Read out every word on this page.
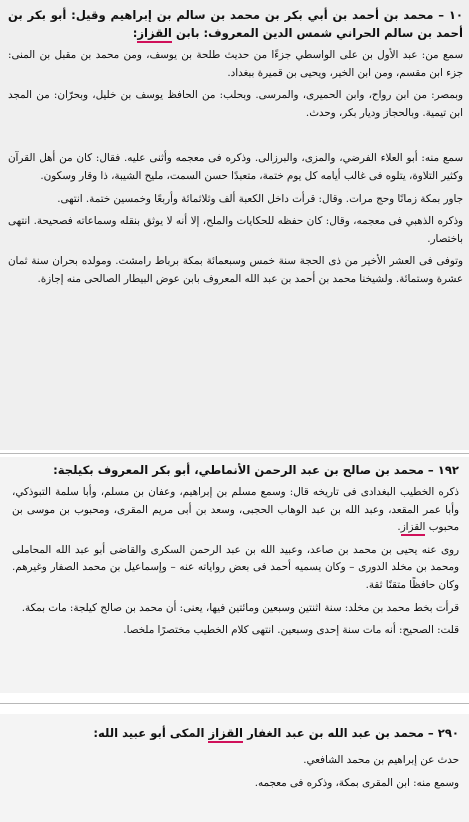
١٠ – محمد بن أحمد بن أبي بكر بن محمد بن سالم بن إبراهيم وقيل: أبو بكر بن أحمد بن سالم الحراني شمس الدين المعروف: بابن القزاز:

سمع من: عبد الأول بن على الواسطي جزءًا من حديث طلحة بن يوسف، ومن محمد بن مقبل بن المنى: جزء ابن مقسم، ومن ابن الخير، ويحيى بن قميرة ببغداد.

وبمصر: من ابن رواح، وابن الحميرى، والمرسى. وبحلب: من الحافظ يوسف بن خليل، وبحرّان: من المجد ابن تيمية. وبالحجاز وديار بكر، وحدث.

سمع منه: أبو العلاء الفرضي، والمزى، والبرزالى. وذكره فى معجمه وأثنى عليه. فقال: كان من أهل القرآن وكثير التلاوة، يتلوه فى غالب أيامه كل يوم ختمة، متعبدًا حسن السمت، مليح الشيبة، ذا وقار وسكون.

جاور بمكة زمانًا وحج مرات. وقال: قرأت داخل الكعبة ألف وثلاثمائة وأربعًا وخمسين ختمة. انتهى.

وذكره الذهبي فى معجمه، وقال: كان حفظه للحكايات والملح، إلا أنه لا يوثق بنقله وسماعاته فصحيحة. انتهى باختصار.

وتوفى فى العشر الأخير من ذى الحجة سنة خمس وسبعمائة بمكة برباط رامشت. ومولده بحران سنة ثمان عشرة وستمائة. ولشيخنا محمد بن أحمد بن عبد الله المعروف بابن عوض البيطار الصالحى منه إجازة.

١٩٢ – محمد بن صالح بن عبد الرحمن الأنماطي، أبو بكر المعروف بكيلجة:

ذكره الخطيب البغدادى فى تاريخه قال: وسمع مسلم بن إبراهيم، وعفان بن مسلم، وأبا سلمة التبوذكي، وأبا عمر المقعد، وعبد الله بن عبد الوهاب الحجبى، وسعد بن أبى مريم المقرى، ومحبوب بن موسى بن محبوب القزاز.

روى عنه يحيى بن محمد بن صاعد، وعبيد الله بن عبد الرحمن السكرى والقاضى أبو عبد الله المحاملى ومحمد بن مخلد الدورى – وكان يسميه أحمد فى بعض رواياته عنه – وإسماعيل بن محمد الصفار وغيرهم. وكان حافظًا متقنًا ثقة.

قرأت بخط محمد بن مخلد: سنة اثنتين وسبعين ومائتين فيها، يعنى: أن محمد بن صالح كيلجة: مات بمكة.

قلت: الصحيح: أنه مات سنة إحدى وسبعين. انتهى كلام الخطيب مختصرًا ملخصا.

٢٩٠ – محمد بن عبد الله بن عبد الغفار القزاز المكى أبو عبيد الله:

حدث عن إبراهيم بن محمد الشافعي.

وسمع منه: ابن المقرى بمكة، وذكره فى معجمه.
